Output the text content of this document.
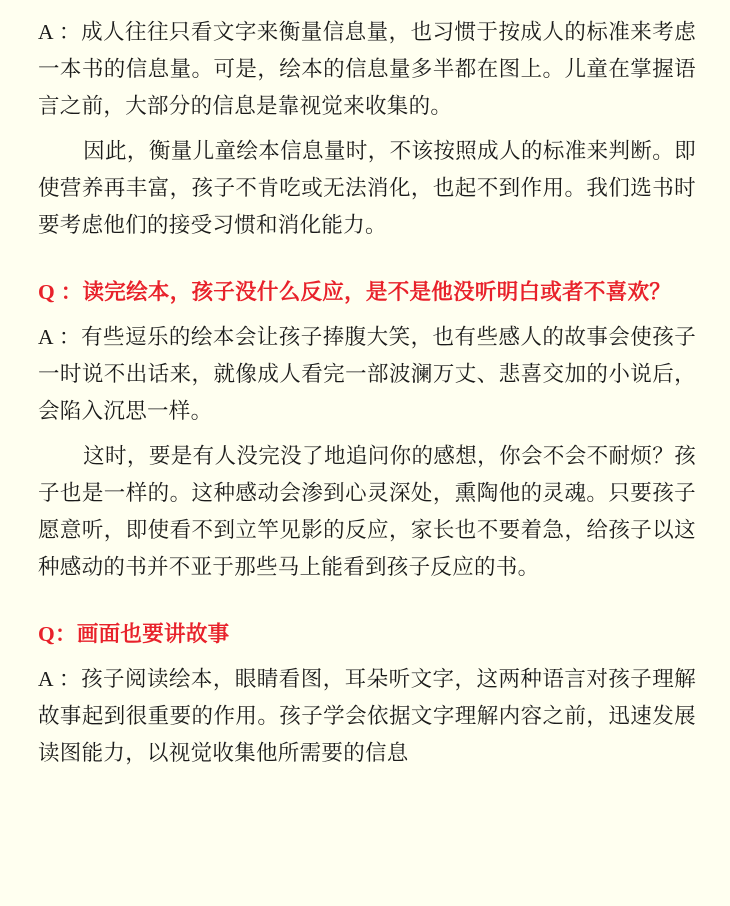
A ：成人往往只看文字来衡量信息量，也习惯于按成人的标准来考虑一本书的信息量。可是，绘本的信息量多半都在图上。儿童在掌握语言之前，大部分的信息是靠视觉来收集的。

因此，衡量儿童绘本信息量时，不该按照成人的标准来判断。即使营养再丰富，孩子不肯吃或无法消化，也起不到作用。我们选书时要考虑他们的接受习惯和消化能力。

Q ：读完绘本，孩子没什么反应，是不是他没听明白或者不喜欢？

A ：有些逗乐的绘本会让孩子捧腹大笑，也有些感人的故事会使孩子一时说不出话来，就像成人看完一部波澜万丈、悲喜交加的小说后，会陷入沉思一样。

这时，要是有人没完没了地追问你的感想，你会不会不耐烦？孩子也是一样的。这种感动会渗到心灵深处，熏陶他的灵魂。只要孩子愿意听，即使看不到立竿见影的反应，家长也不要着急，给孩子以这种感动的书并不亚于那些马上能看到孩子反应的书。

Q：画面也要讲故事

A ：孩子阅读绘本，眼睛看图，耳朵听文字，这两种语言对孩子理解故事起到很重要的作用。孩子学会依据文字理解内容之前，迅速发展读图能力，以视觉收集他所需要的信息
